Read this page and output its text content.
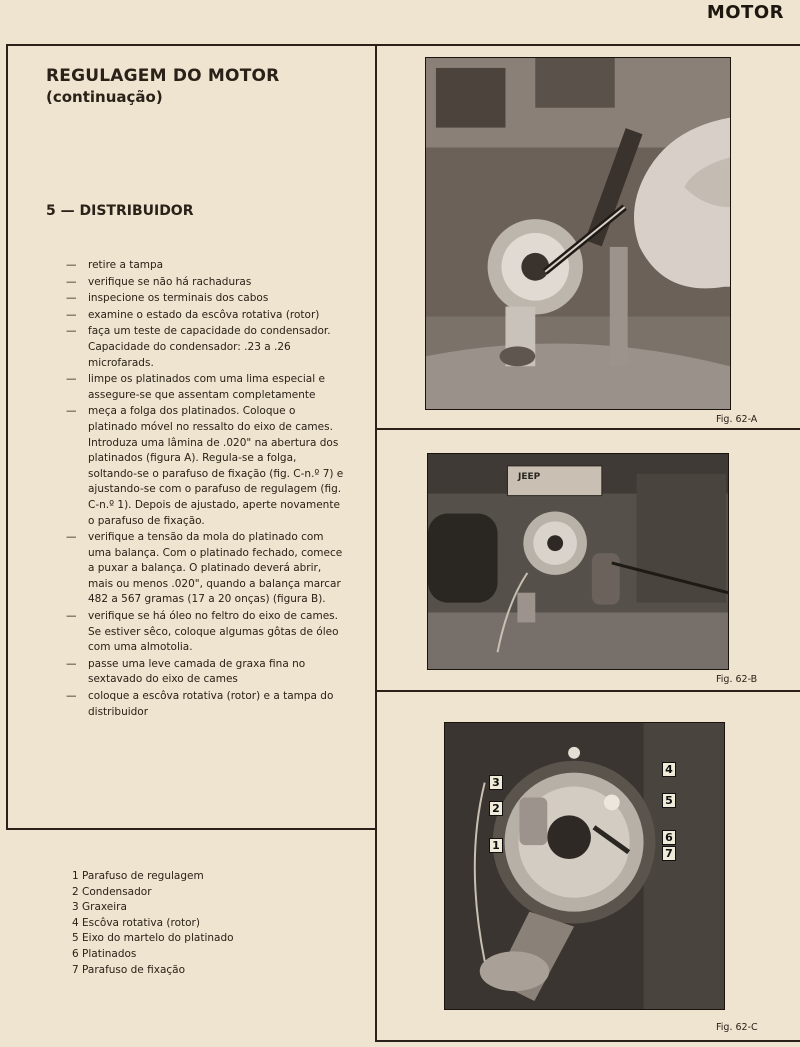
MOTOR
REGULAGEM DO MOTOR
(continuação)
5 — DISTRIBUIDOR
—	retire a tampa
—	verifique se não há rachaduras
—	inspecione os terminais dos cabos
—	examine o estado da escôva rotativa (rotor)
—	faça um teste de capacidade do condensador. Capacidade do condensador: .23 a .26 microfarads.
—	limpe os platinados com uma lima especial e assegure-se que assentam completamente
—	meça a folga dos platinados. Coloque o platinado móvel no ressalto do eixo de cames. Introduza uma lâmina de .020" na abertura dos platinados (figura A). Regula-se a folga, soltando-se o parafuso de fixação (fig. C-n.º 7) e ajustando-se com o parafuso de regulagem (fig. C-n.º 1). Depois de ajustado, aperte novamente o parafuso de fixação.
—	verifique a tensão da mola do platinado com uma balança. Com o platinado fechado, comece a puxar a balança. O platinado deverá abrir, mais ou menos .020", quando a balança marcar 482 a 567 gramas (17 a 20 onças) (figura B).
—	verifique se há óleo no feltro do eixo de cames. Se estiver sêco, coloque algumas gôtas de óleo com uma almotolia.
—	passe uma leve camada de graxa fina no sextavado do eixo de cames
—	coloque a escôva rotativa (rotor) e a tampa do distribuidor
1 Parafuso de regulagem
2 Condensador
3 Graxeira
4 Escôva rotativa (rotor)
5 Eixo do martelo do platinado
6 Platinados
7 Parafuso de fixação
Fig. 62-A
JEEP
Fig. 62-B
3
2
1
4
5
6
7
Fig. 62-C
